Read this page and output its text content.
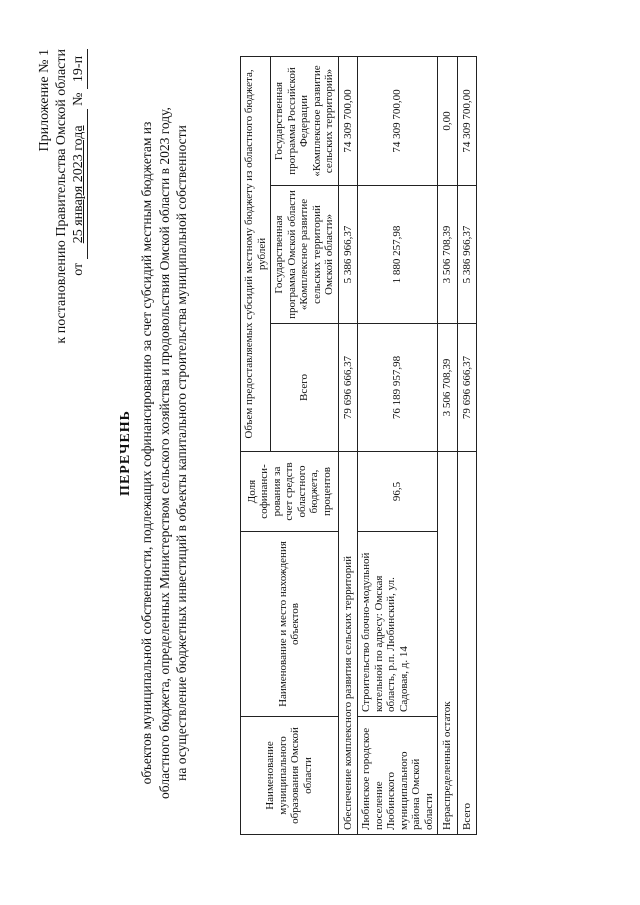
Приложение № 1 к постановлению Правительства Омской области от 25 января 2023 года № 19-п
ПЕРЕЧЕНЬ объектов муниципальной собственности, подлежащих софинансированию за счет субсидий местным бюджетам из областного бюджета, определенных Министерством сельского хозяйства и продовольствия Омской области в 2023 году, на осуществление бюджетных инвестиций в объекты капитального строительства муниципальной собственности	Наименование муниципального образования Омской области	Наименование и место нахождения объектов	Доля софинанси-рования за счет средств областного бюджета, процентов	Объем предоставляемых субсидий местному бюджету из областного бюджета, рублей		
			Всего	Государственная программа Омской области «Комплексное развитие сельских территорий Омской области»	Государственная программа Российской Федерации «Комплексное развитие сельских территорий»
Обеспечение комплексного развития сельских территорий			79 696 666,37	5 386 966,37	74 309 700,00
Любинское городское поселение Любинского муниципального района Омской области	Строительство блочно-модульной котельной по адресу: Омская область, р.п. Любинский, ул. Садовая, д. 14	96,5	76 189 957,98	1 880 257,98	74 309 700,00
Нераспределенный остаток			3 506 708,39	3 506 708,39	0,00
Всего			79 696 666,37	5 386 966,37	74 309 700,00
